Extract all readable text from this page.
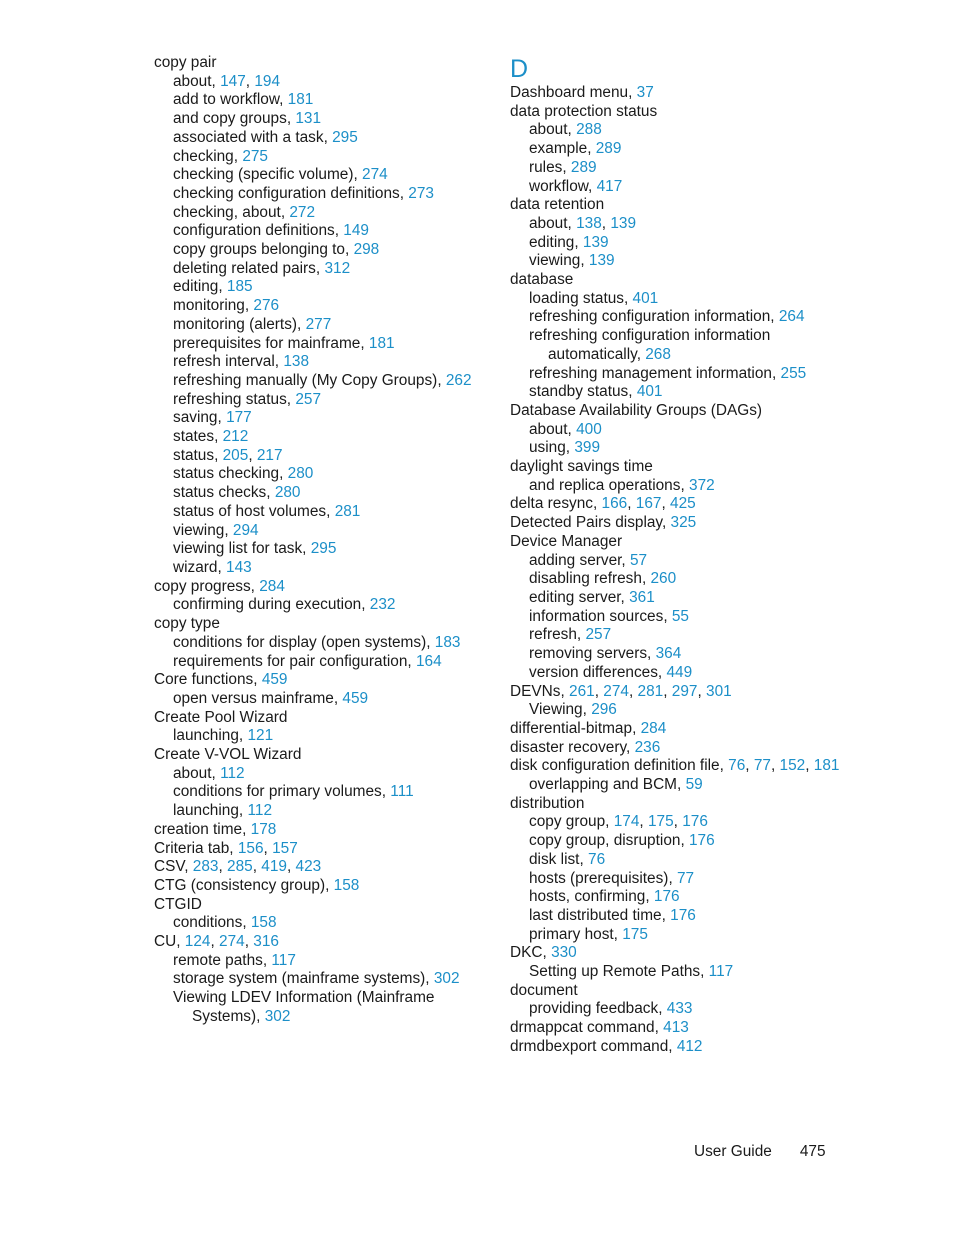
copy pair

about, 147, 194

add to workflow, 181

and copy groups, 131

associated with a task, 295

checking, 275

checking (specific volume), 274

checking configuration definitions, 273

checking, about, 272

configuration definitions, 149

copy groups belonging to, 298

deleting related pairs, 312

editing, 185

monitoring, 276

monitoring (alerts), 277

prerequisites for mainframe, 181

refresh interval, 138

refreshing manually (My Copy Groups), 262

refreshing status, 257

saving, 177

states, 212

status, 205, 217

status checking, 280

status checks, 280

status of host volumes, 281

viewing, 294

viewing list for task, 295

wizard, 143

copy progress, 284

confirming during execution, 232

copy type

conditions for display (open systems), 183

requirements for pair configuration, 164

Core functions, 459

open versus mainframe, 459

Create Pool Wizard

launching, 121

Create V-VOL Wizard

about, 112

conditions for primary volumes, 111

launching, 112

creation time, 178

Criteria tab, 156, 157

CSV, 283, 285, 419, 423

CTG (consistency group), 158

CTGID

conditions, 158

CU, 124, 274, 316

remote paths, 117

storage system (mainframe systems), 302

Viewing LDEV Information (Mainframe Systems), 302

D

Dashboard menu, 37

data protection status

about, 288

example, 289

rules, 289

workflow, 417

data retention

about, 138, 139

editing, 139

viewing, 139

database

loading status, 401

refreshing configuration information, 264

refreshing configuration information automatically, 268

refreshing management information, 255

standby status, 401

Database Availability Groups (DAGs)

about, 400

using, 399

daylight savings time

and replica operations, 372

delta resync, 166, 167, 425

Detected Pairs display, 325

Device Manager

adding server, 57

disabling refresh, 260

editing server, 361

information sources, 55

refresh, 257

removing servers, 364

version differences, 449

DEVNs, 261, 274, 281, 297, 301

Viewing, 296

differential-bitmap, 284

disaster recovery, 236

disk configuration definition file, 76, 77, 152, 181

overlapping and BCM, 59

distribution

copy group, 174, 175, 176

copy group, disruption, 176

disk list, 76

hosts (prerequisites), 77

hosts, confirming, 176

last distributed time, 176

primary host, 175

DKC, 330

Setting up Remote Paths, 117

document

providing feedback, 433

drmappcat command, 413

drmdbexport command, 412

User Guide 475
